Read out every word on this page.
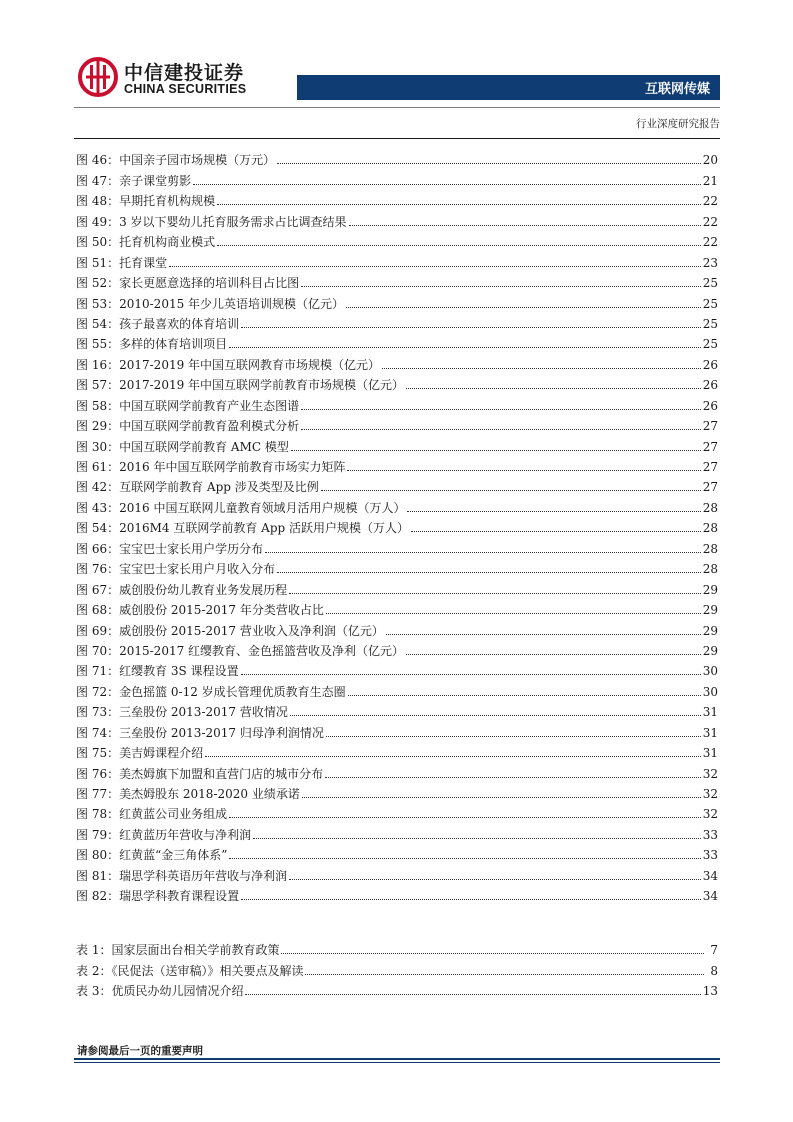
中信建投证券
CHINA SECURITIES	互联网传媒
行业深度研究报告
图 46：中国亲子园市场规模（万元）	20
图 47：亲子课堂剪影	21
图 48：早期托育机构规模	22
图 49：3 岁以下婴幼儿托育服务需求占比调查结果	22
图 50：托育机构商业模式	22
图 51：托育课堂	23
图 52：家长更愿意选择的培训科目占比图	25
图 53：2010-2015 年少儿英语培训规模（亿元）	25
图 54：孩子最喜欢的体育培训	25
图 55：多样的体育培训项目	25
图 16：2017-2019 年中国互联网教育市场规模（亿元）	26
图 57：2017-2019 年中国互联网学前教育市场规模（亿元）	26
图 58：中国互联网学前教育产业生态图谱	26
图 29：中国互联网学前教育盈利模式分析	27
图 30：中国互联网学前教育 AMC 模型	27
图 61：2016 年中国互联网学前教育市场实力矩阵	27
图 42：互联网学前教育 App 涉及类型及比例	27
图 43：2016 中国互联网儿童教育领域月活用户规模（万人）	28
图 54：2016M4 互联网学前教育 App 活跃用户规模（万人）	28
图 66：宝宝巴士家长用户学历分布	28
图 76：宝宝巴士家长用户月收入分布	28
图 67：威创股份幼儿教育业务发展历程	29
图 68：威创股份 2015-2017 年分类营收占比	29
图 69：威创股份 2015-2017 营业收入及净利润（亿元）	29
图 70：2015-2017 红缨教育、金色摇篮营收及净利（亿元）	29
图 71：红缨教育 3S 课程设置	30
图 72：金色摇篮 0-12 岁成长管理优质教育生态圈	30
图 73：三垒股份 2013-2017 营收情况	31
图 74：三垒股份 2013-2017 归母净利润情况	31
图 75：美吉姆课程介绍	31
图 76：美杰姆旗下加盟和直营门店的城市分布	32
图 77：美杰姆股东 2018-2020 业绩承诺	32
图 78：红黄蓝公司业务组成	32
图 79：红黄蓝历年营收与净利润	33
图 80：红黄蓝“金三角体系”	33
图 81：瑞思学科英语历年营收与净利润	34
图 82：瑞思学科教育课程设置	34
表 1：国家层面出台相关学前教育政策	7
表 2：《民促法（送审稿）》相关要点及解读	8
表 3：优质民办幼儿园情况介绍	13
请参阅最后一页的重要声明
